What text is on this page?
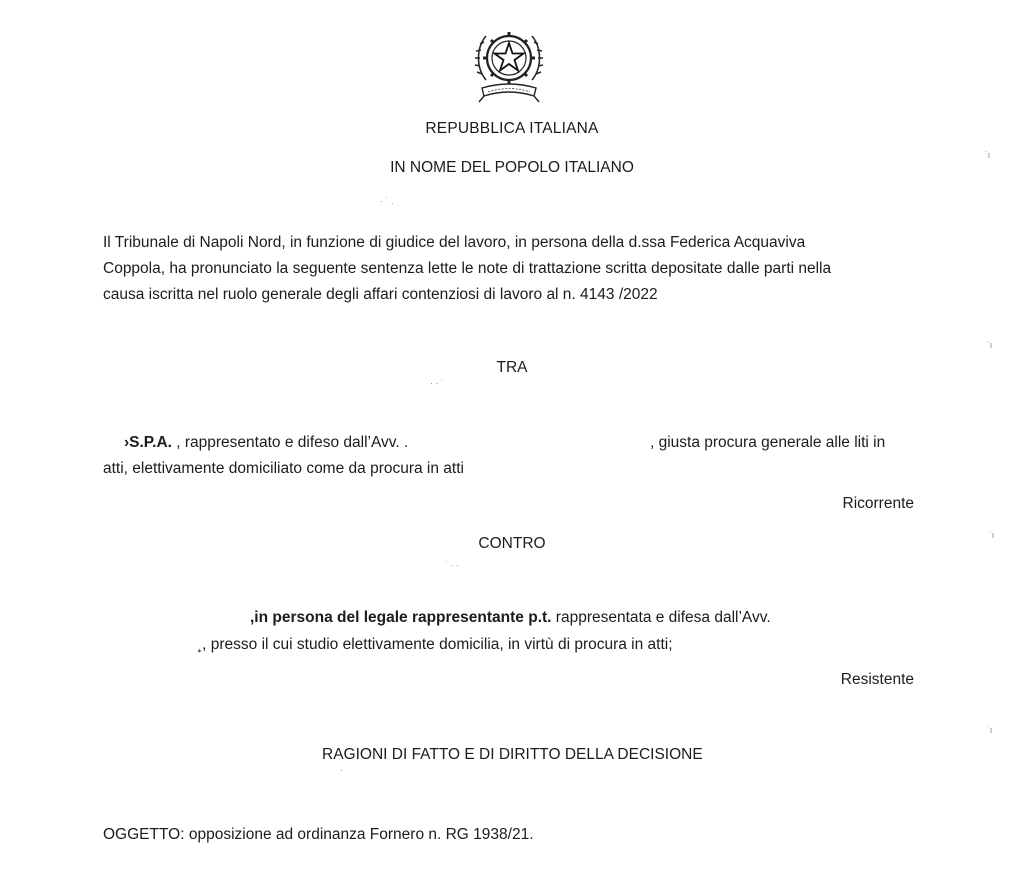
REPUBBLICA ITALIANA
IN NOME DEL POPOLO ITALIANO
Il Tribunale di Napoli Nord, in funzione di giudice del lavoro, in persona della d.ssa Federica Acquaviva
Coppola, ha pronunciato la seguente sentenza lette le note di trattazione scritta depositate dalle parti nella
causa iscritta nel ruolo generale degli affari contenziosi di lavoro al n. 4143 /2022
TRA
›S.P.A. , rappresentato e difeso dall’Avv. .	, giusta procura generale alle liti in
atti, elettivamente domiciliato come da procura in atti
Ricorrente
CONTRO
,in persona del legale rappresentante p.t. rappresentata e difesa dall’Avv.
¸, presso il cui studio elettivamente domicilia, in virtù di procura in atti;
Resistente
RAGIONI DI FATTO E DI DIRITTO DELLA DECISIONE
OGGETTO: opposizione ad ordinanza Fornero n. RG 1938/21.
˙ι
˙ι
˙ι
˙ι
· ˙ .
· · ˙
˙ · ·
·
